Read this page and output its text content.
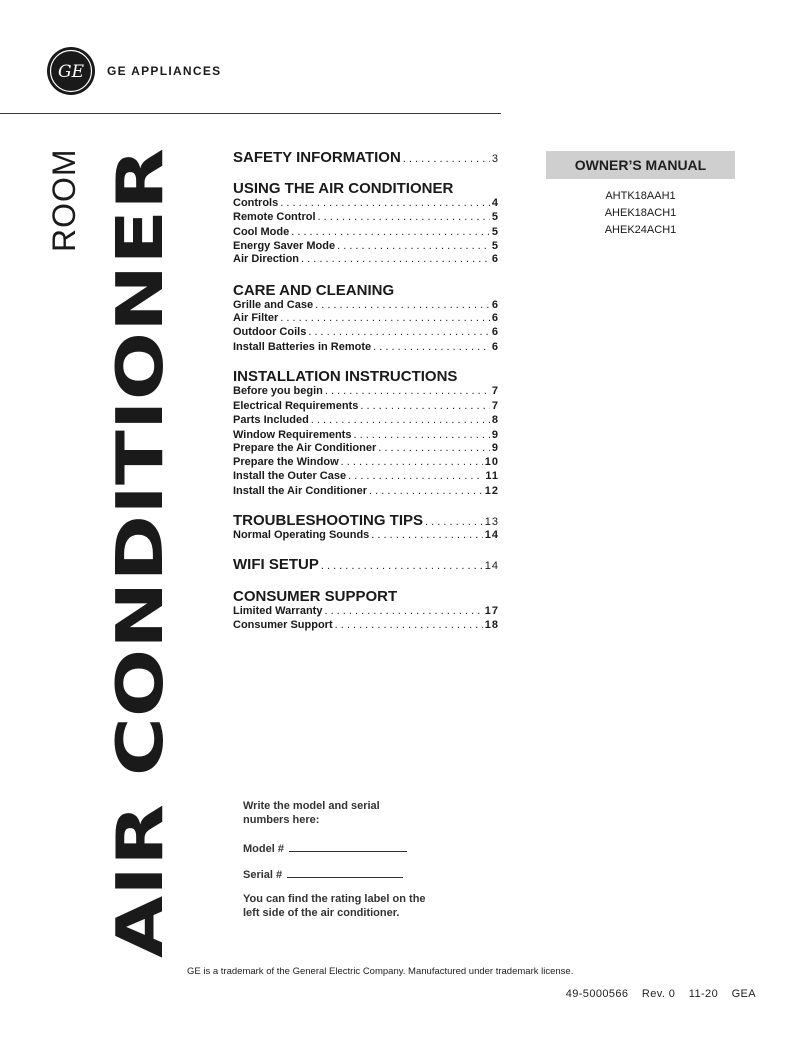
GE GE APPLIANCES
ROOM
AIR CONDITIONER
SAFETY INFORMATION . . .	3
USING THE AIR CONDITIONER
Controls . . .	4
Remote Control . . .	5
Cool Mode . . .	5
Energy Saver Mode . . .	5
Air Direction . . .	6
CARE AND CLEANING
Grille and Case . . .	6
Air Filter . . .	6
Outdoor Coils . . .	6
Install Batteries in Remote . . .	6
INSTALLATION INSTRUCTIONS
Before you begin . . .	7
Electrical Requirements . . .	7
Parts Included . . .	8
Window Requirements . . .	9
Prepare the Air Conditioner . . .	9
Prepare the Window . . .	10
Install the Outer Case . . .	11
Install the Air Conditioner . . .	12
TROUBLESHOOTING TIPS . . .	13
Normal Operating Sounds . . .	14
WIFI SETUP . . .	14
CONSUMER SUPPORT
Limited Warranty . . .	17
Consumer Support . . .	18
OWNER’S MANUAL
AHTK18AAH1
AHEK18ACH1
AHEK24ACH1
Write the model and serial
numbers here:
Model #
Serial #
You can find the rating label on the
left side of the air conditioner.
GE is a trademark of the General Electric Company. Manufactured under trademark license.
49-5000566 Rev. 0 11-20 GEA
